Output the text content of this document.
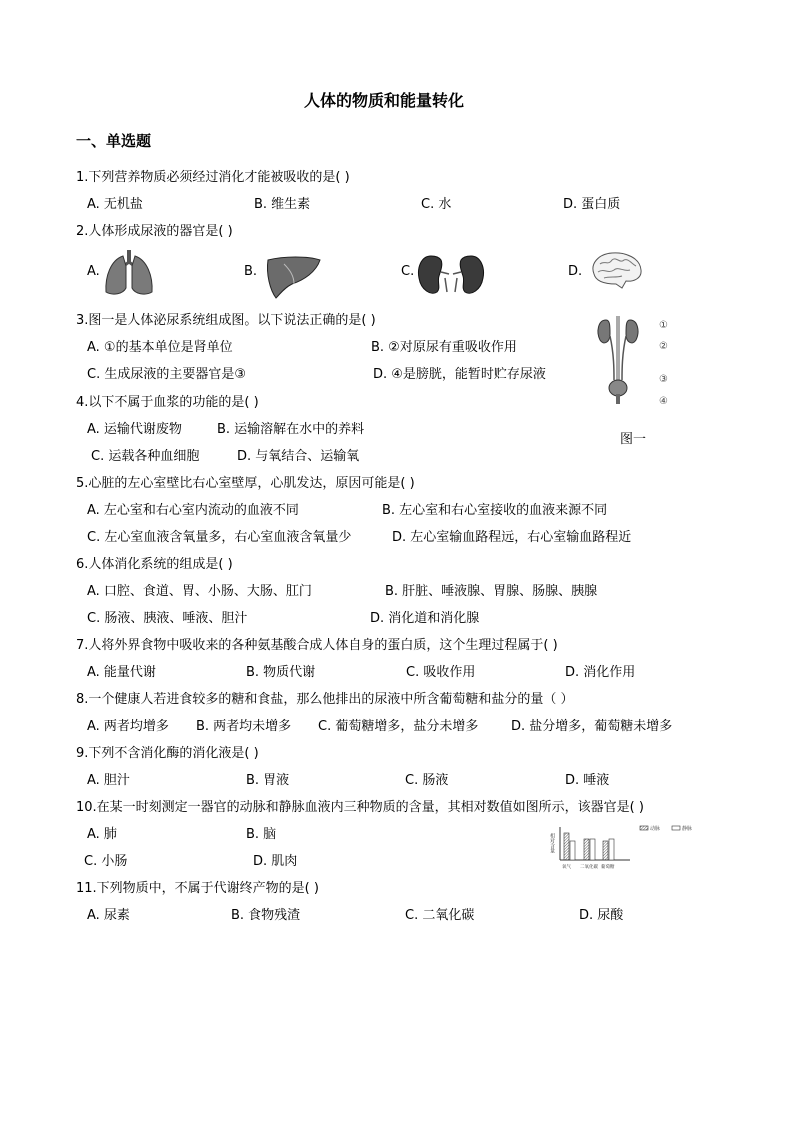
人体的物质和能量转化
一、单选题
1.下列营养物质必须经过消化才能被吸收的是( )
A. 无机盐	B. 维生素	C. 水	D. 蛋白质
2.人体形成尿液的器官是( )
A.	B.	C.	D.
3.图一是人体泌尿系统组成图。以下说法正确的是( )
A. ①的基本单位是肾单位	B. ②对原尿有重吸收作用
C. 生成尿液的主要器官是③	D. ④是膀胱，能暂时贮存尿液
①
②
③
④
图一
4.以下不属于血浆的功能的是( )
A. 运输代谢废物	B. 运输溶解在水中的养料
C. 运载各种血细胞	D. 与氧结合、运输氧
5.心脏的左心室壁比右心室壁厚，心肌发达，原因可能是( )
A. 左心室和右心室内流动的血液不同	B. 左心室和右心室接收的血液来源不同
C. 左心室血液含氧量多，右心室血液含氧量少	D. 左心室输血路程远，右心室输血路程近
6.人体消化系统的组成是( )
A. 口腔、食道、胃、小肠、大肠、肛门	B. 肝脏、唾液腺、胃腺、肠腺、胰腺
C. 肠液、胰液、唾液、胆汁	D. 消化道和消化腺
7.人将外界食物中吸收来的各种氨基酸合成人体自身的蛋白质，这个生理过程属于( )
A. 能量代谢	B. 物质代谢	C. 吸收作用	D. 消化作用
8.一个健康人若进食较多的糖和食盐，那么他排出的尿液中所含葡萄糖和盐分的量（ ）
A. 两者均增多 B. 两者均未增多 C. 葡萄糖增多，盐分未增多	D. 盐分增多，葡萄糖未增多
9.下列不含消化酶的消化液是( )
A. 胆汁	B. 胃液	C. 肠液	D. 唾液
10.在某一时刻测定一器官的动脉和静脉血液内三种物质的含量，其相对数值如图所示，该器官是( )
A. 肺	B. 脑
C. 小肠	D. 肌肉
相对含量
氧气 二氧化碳 葡萄糖
动脉	静脉
11.下列物质中，不属于代谢终产物的是( )
A. 尿素	B. 食物残渣	C. 二氧化碳	D. 尿酸
